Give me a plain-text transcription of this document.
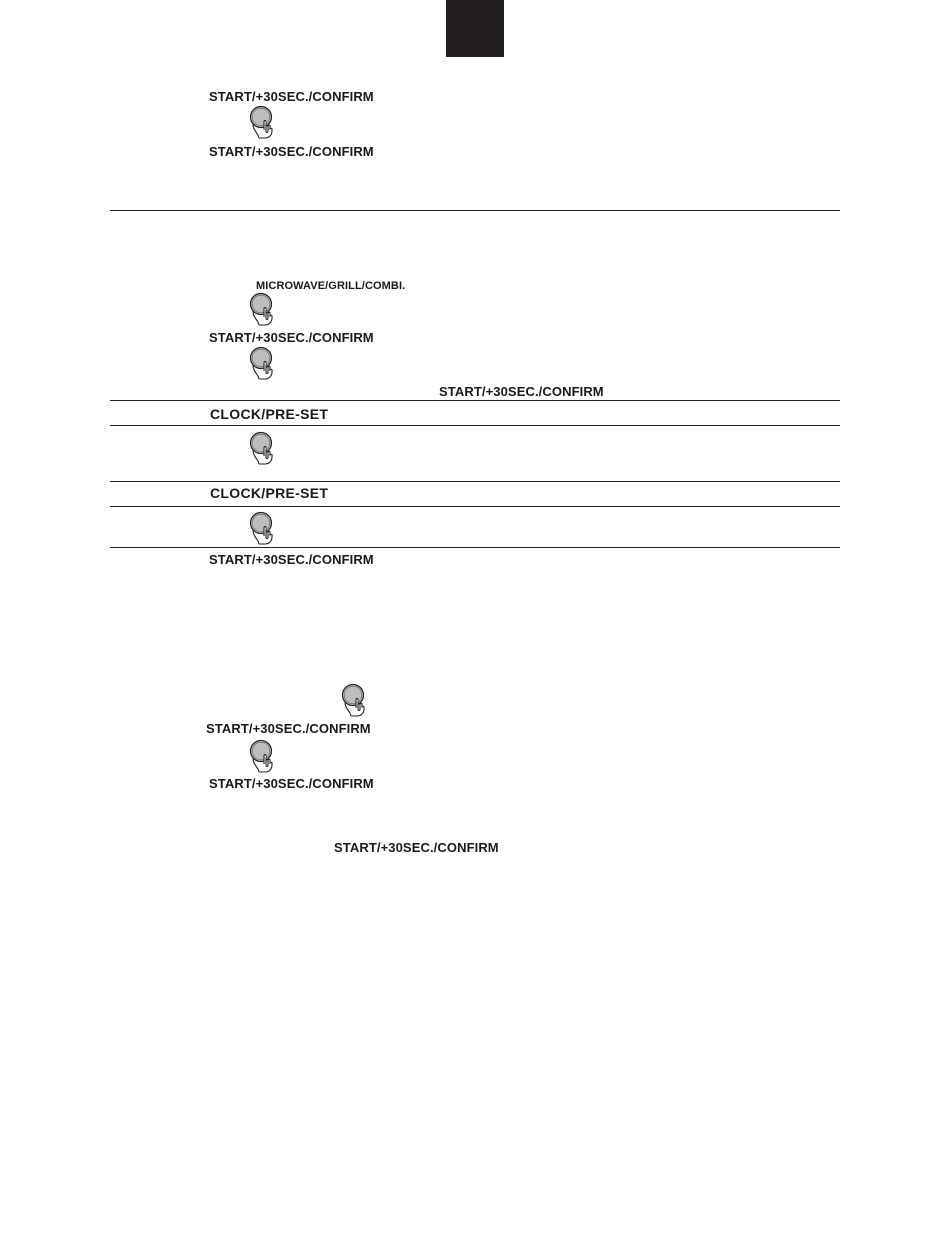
START/+30SEC./CONFIRM
START/+30SEC./CONFIRM
MICROWAVE/GRILL/COMBI.
START/+30SEC./CONFIRM
START/+30SEC./CONFIRM
CLOCK/PRE-SET
CLOCK/PRE-SET
START/+30SEC./CONFIRM
START/+30SEC./CONFIRM
START/+30SEC./CONFIRM
START/+30SEC./CONFIRM
